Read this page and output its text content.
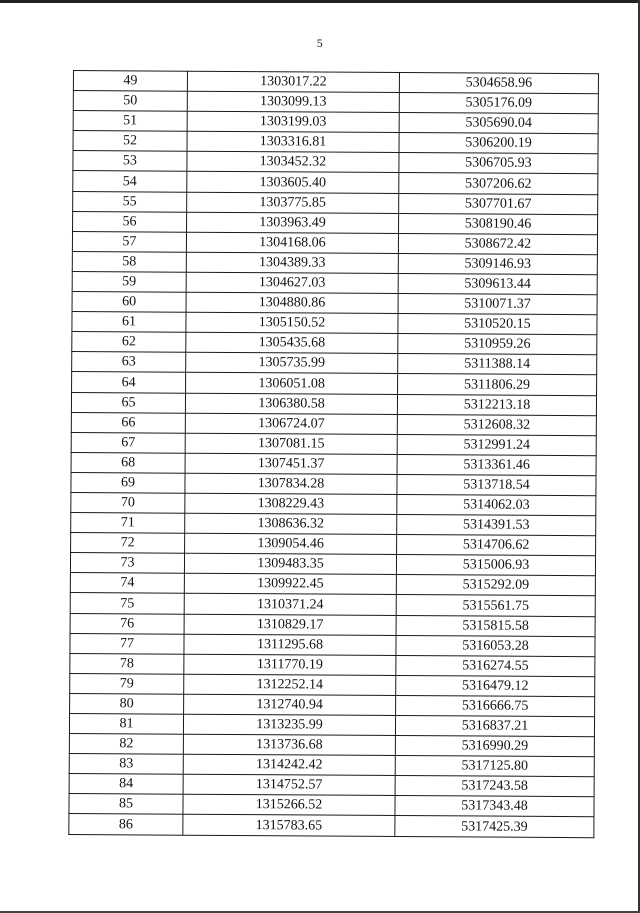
5
49	1303017.22	5304658.96
50	1303099.13	5305176.09
51	1303199.03	5305690.04
52	1303316.81	5306200.19
53	1303452.32	5306705.93
54	1303605.40	5307206.62
55	1303775.85	5307701.67
56	1303963.49	5308190.46
57	1304168.06	5308672.42
58	1304389.33	5309146.93
59	1304627.03	5309613.44
60	1304880.86	5310071.37
61	1305150.52	5310520.15
62	1305435.68	5310959.26
63	1305735.99	5311388.14
64	1306051.08	5311806.29
65	1306380.58	5312213.18
66	1306724.07	5312608.32
67	1307081.15	5312991.24
68	1307451.37	5313361.46
69	1307834.28	5313718.54
70	1308229.43	5314062.03
71	1308636.32	5314391.53
72	1309054.46	5314706.62
73	1309483.35	5315006.93
74	1309922.45	5315292.09
75	1310371.24	5315561.75
76	1310829.17	5315815.58
77	1311295.68	5316053.28
78	1311770.19	5316274.55
79	1312252.14	5316479.12
80	1312740.94	5316666.75
81	1313235.99	5316837.21
82	1313736.68	5316990.29
83	1314242.42	5317125.80
84	1314752.57	5317243.58
85	1315266.52	5317343.48
86	1315783.65	5317425.39
